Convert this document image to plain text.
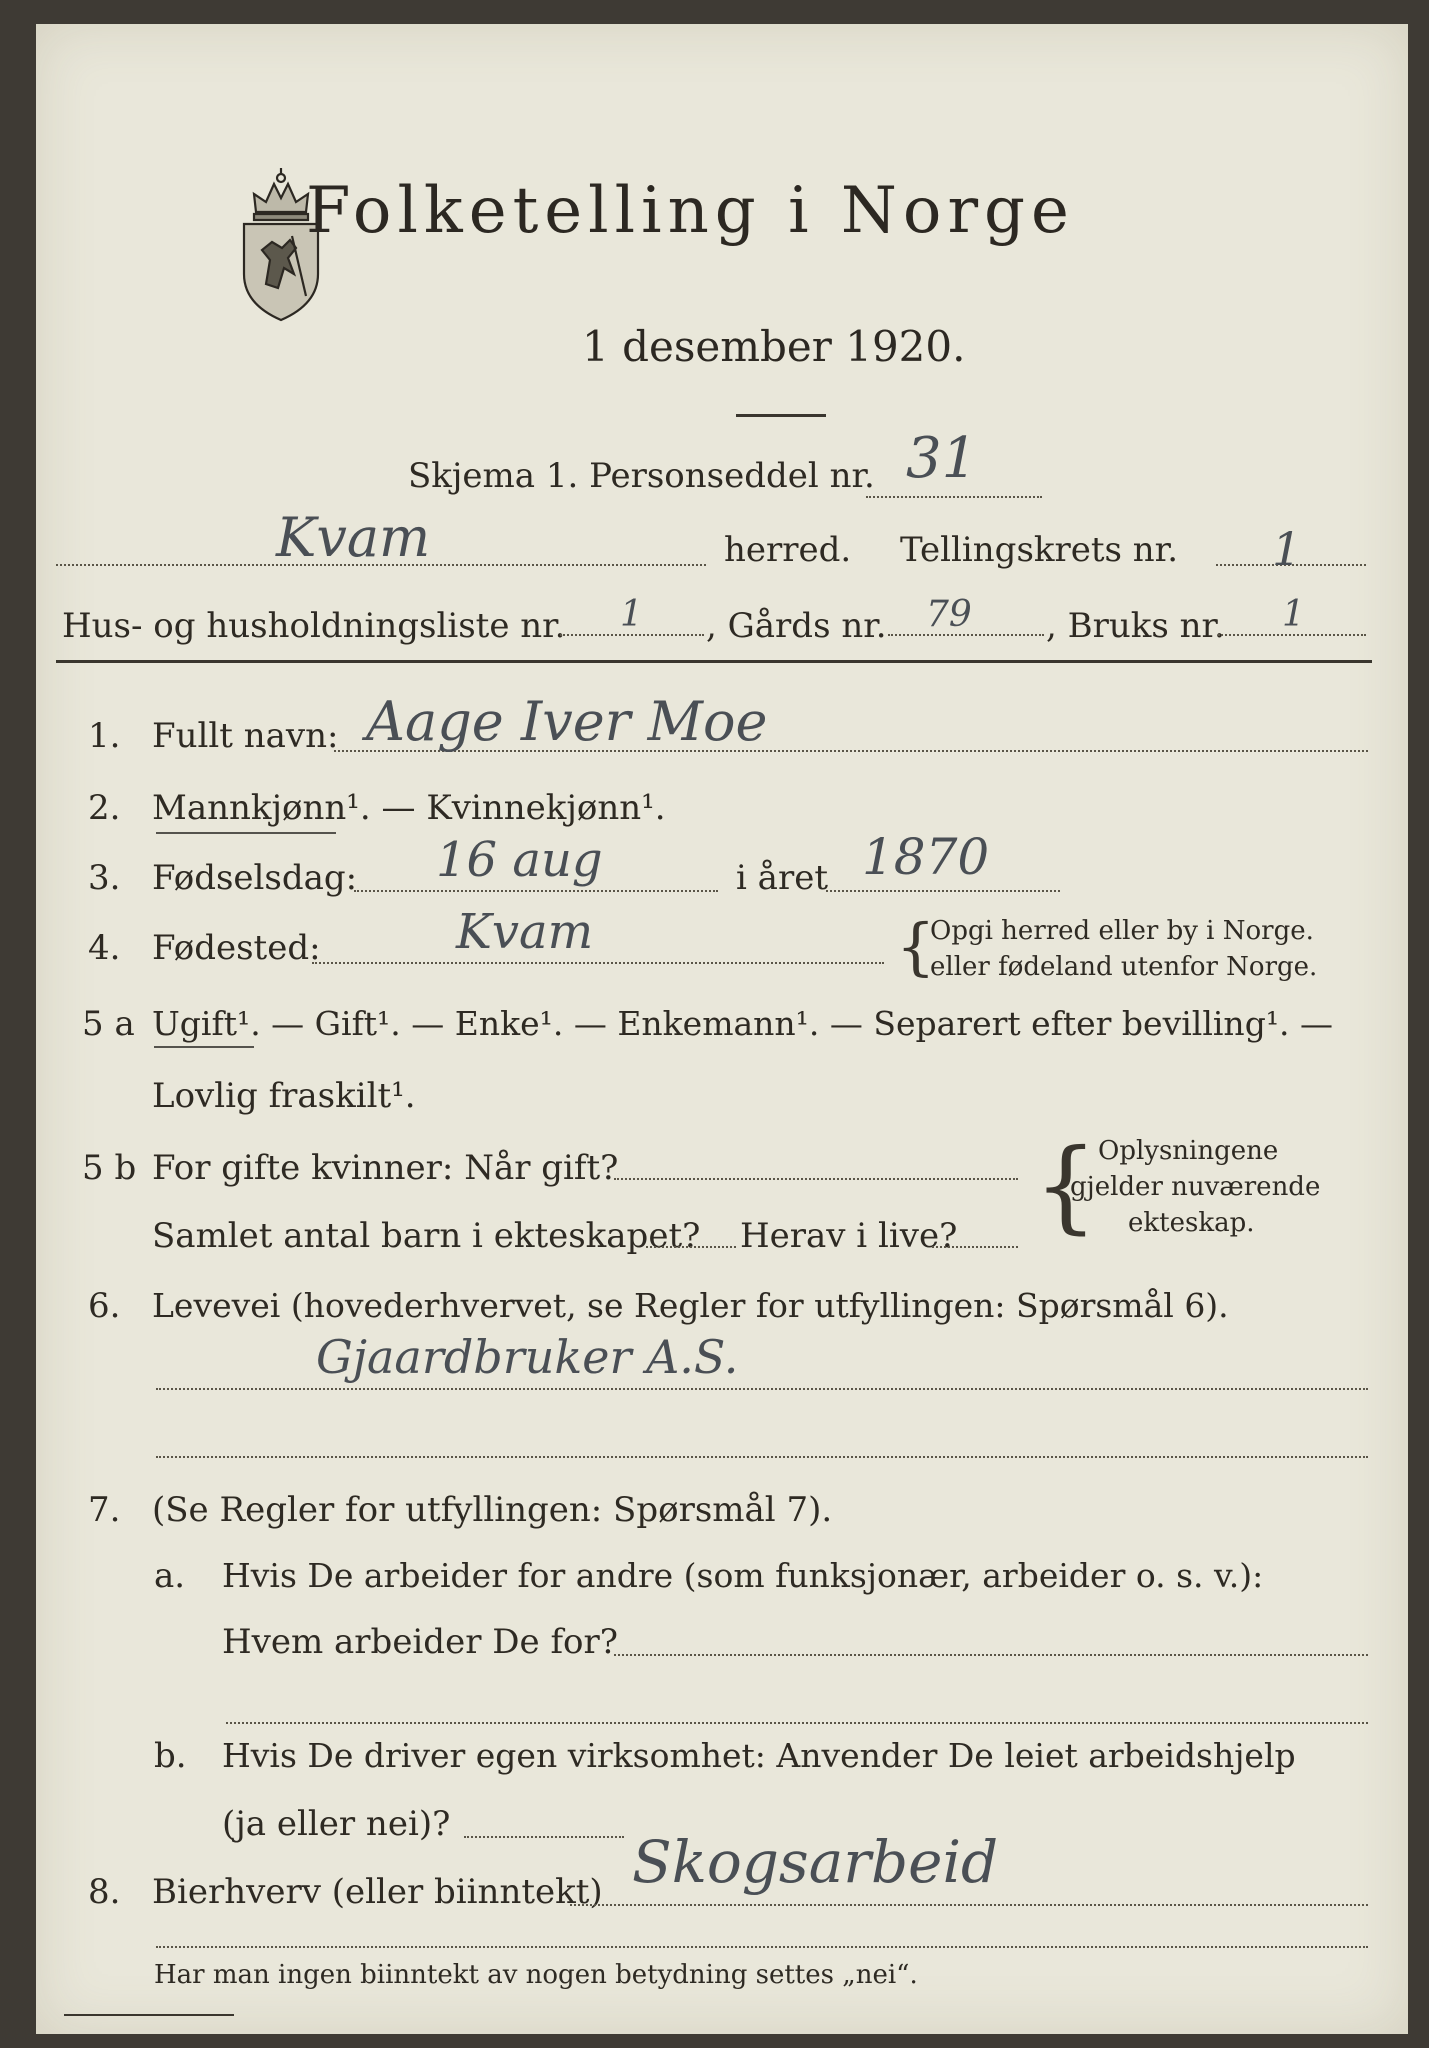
Folketelling i Norge
1 desember 1920.
Skjema 1. Personseddel nr. 31
Kvam	herred. Tellingskrets nr. 1
Hus- og husholdningsliste nr. 1 , Gårds nr. 79 , Bruks nr. 1
1. Fullt navn: Aage Iver Moe
2. Mannkjønn¹. — Kvinnekjønn¹.
3. Fødselsdag: 16 aug	i året 1870
4. Fødested:	Kvam	{
Opgi herred eller by i Norge.
eller fødeland utenfor Norge.
5 a Ugift¹. — Gift¹. — Enke¹. — Enkemann¹. — Separert efter bevilling¹. —
Lovlig fraskilt¹.
5 b For gifte kvinner: Når gift?
Samlet antal barn i ekteskapet? Herav i live? { Oplysningene
gjelder nuværende
ekteskap.
6. Levevei (hovederhvervet, se Regler for utfyllingen: Spørsmål 6).
Gjaardbruker A.S.
7. (Se Regler for utfyllingen: Spørsmål 7).
a. Hvis De arbeider for andre (som funksjonær, arbeider o. s. v.):
Hvem arbeider De for?
b. Hvis De driver egen virksomhet: Anvender De leiet arbeidshjelp
(ja eller nei)?
8. Bierhverv (eller biinntekt) Skogsarbeid
Har man ingen biinntekt av nogen betydning settes „nei“.
